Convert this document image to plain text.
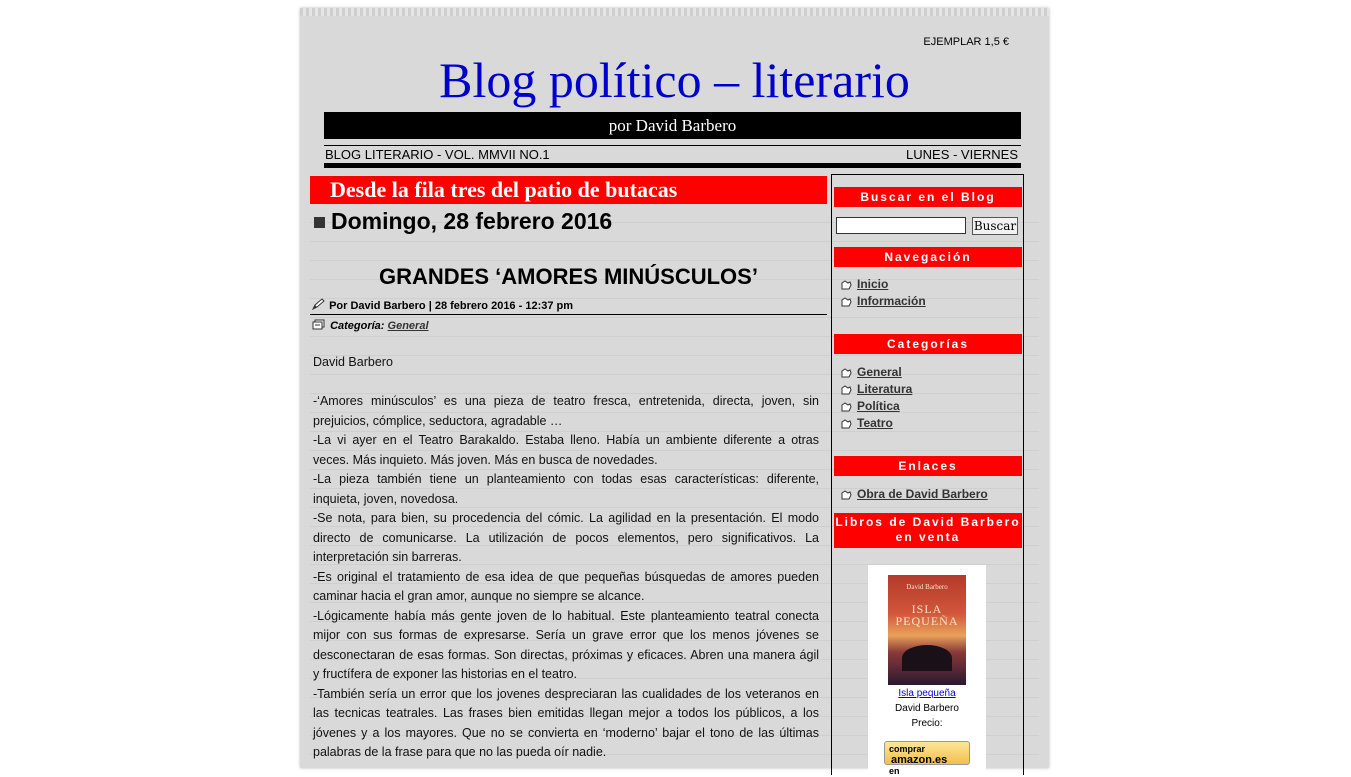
EJEMPLAR 1,5 €
Blog político – literario
por David Barbero
BLOG LITERARIO - VOL. MMVII NO.1	LUNES - VIERNES
Desde la fila tres del patio de butacas
Domingo, 28 febrero 2016
GRANDES ‘AMORES MINÚSCULOS’
Por David Barbero | 28 febrero 2016 - 12:37 pm
Categoría: General

David Barbero

-‘Amores minúsculos’ es una pieza de teatro fresca, entretenida, directa, joven, sin prejuicios, cómplice, seductora, agradable …

-La vi ayer en el Teatro Barakaldo. Estaba lleno. Había un ambiente diferente a otras veces. Más inquieto. Más joven. Más en busca de novedades.

-La pieza también tiene un planteamiento con todas esas características: diferente, inquieta, joven, novedosa.

-Se nota, para bien, su procedencia del cómic. La agilidad en la presentación. El modo directo de comunicarse. La utilización de pocos elementos, pero significativos. La interpretación sin barreras.

-Es original el tratamiento de esa idea de que pequeñas búsquedas de amores pueden caminar hacia el gran amor, aunque no siempre se alcance.

-Lógicamente había más gente joven de lo habitual. Este planteamiento teatral conecta mijor con sus formas de expresarse. Sería un grave error que los menos jóvenes se desconectaran de esas formas. Son directas, próximas y eficaces. Abren una manera ágil y fructífera de exponer las historias en el teatro.

-También sería un error que los jovenes despreciaran las cualidades de los veteranos en las tecnicas teatrales. Las frases bien emitidas llegan mejor a todos los públicos, a los jóvenes y a los mayores. Que no se convierta en ‘moderno’ bajar el tono de las últimas palabras de la frase para que no las pueda oír nadie.

Buscar en el Blog
Buscar
Navegación
Inicio
Información
Categorías
General
Literatura
Política
Teatro
Enlaces
Obra de David Barbero
Libros de David Barbero en venta
David Barbero
ISLA PEQUEÑA
Isla pequeña
David Barbero
Precio:
comprar amazon.es
en
